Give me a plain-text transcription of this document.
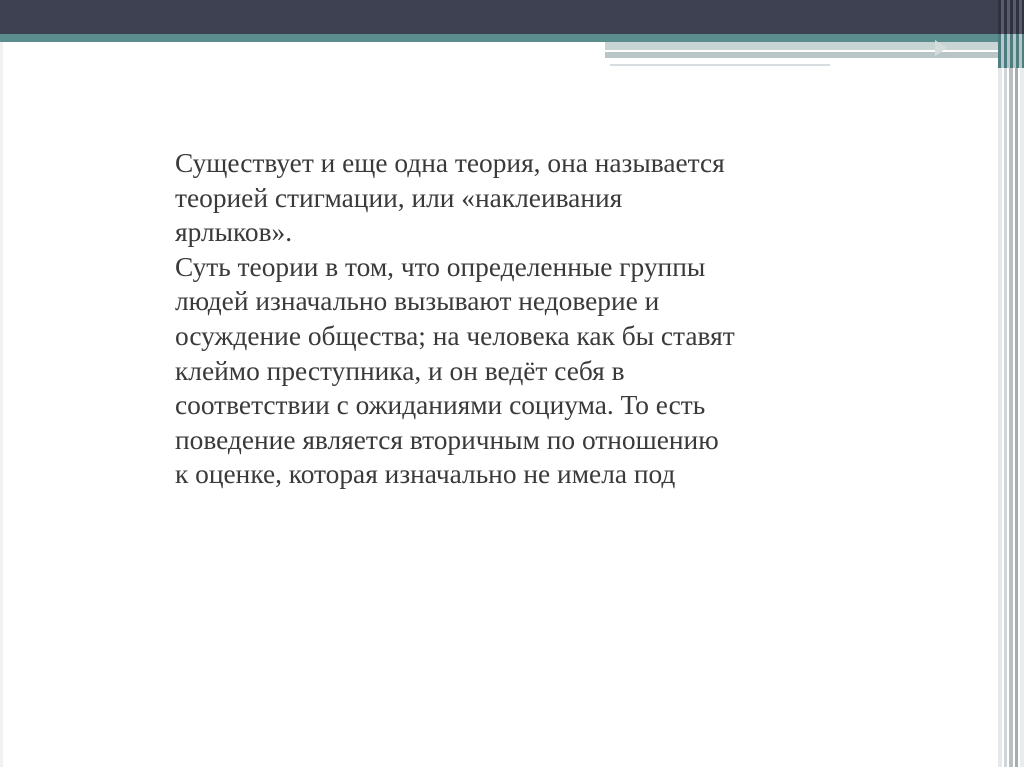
Существует и еще одна теория, она называется
теорией стигмации, или «наклеивания
ярлыков».

Суть теории в том, что определенные группы
людей изначально вызывают недоверие и
осуждение общества; на человека как бы ставят
клеймо преступника, и он ведёт себя в
соответствии с ожиданиями социума. То есть
поведение является вторичным по отношению
к оценке, которая изначально не имела под
